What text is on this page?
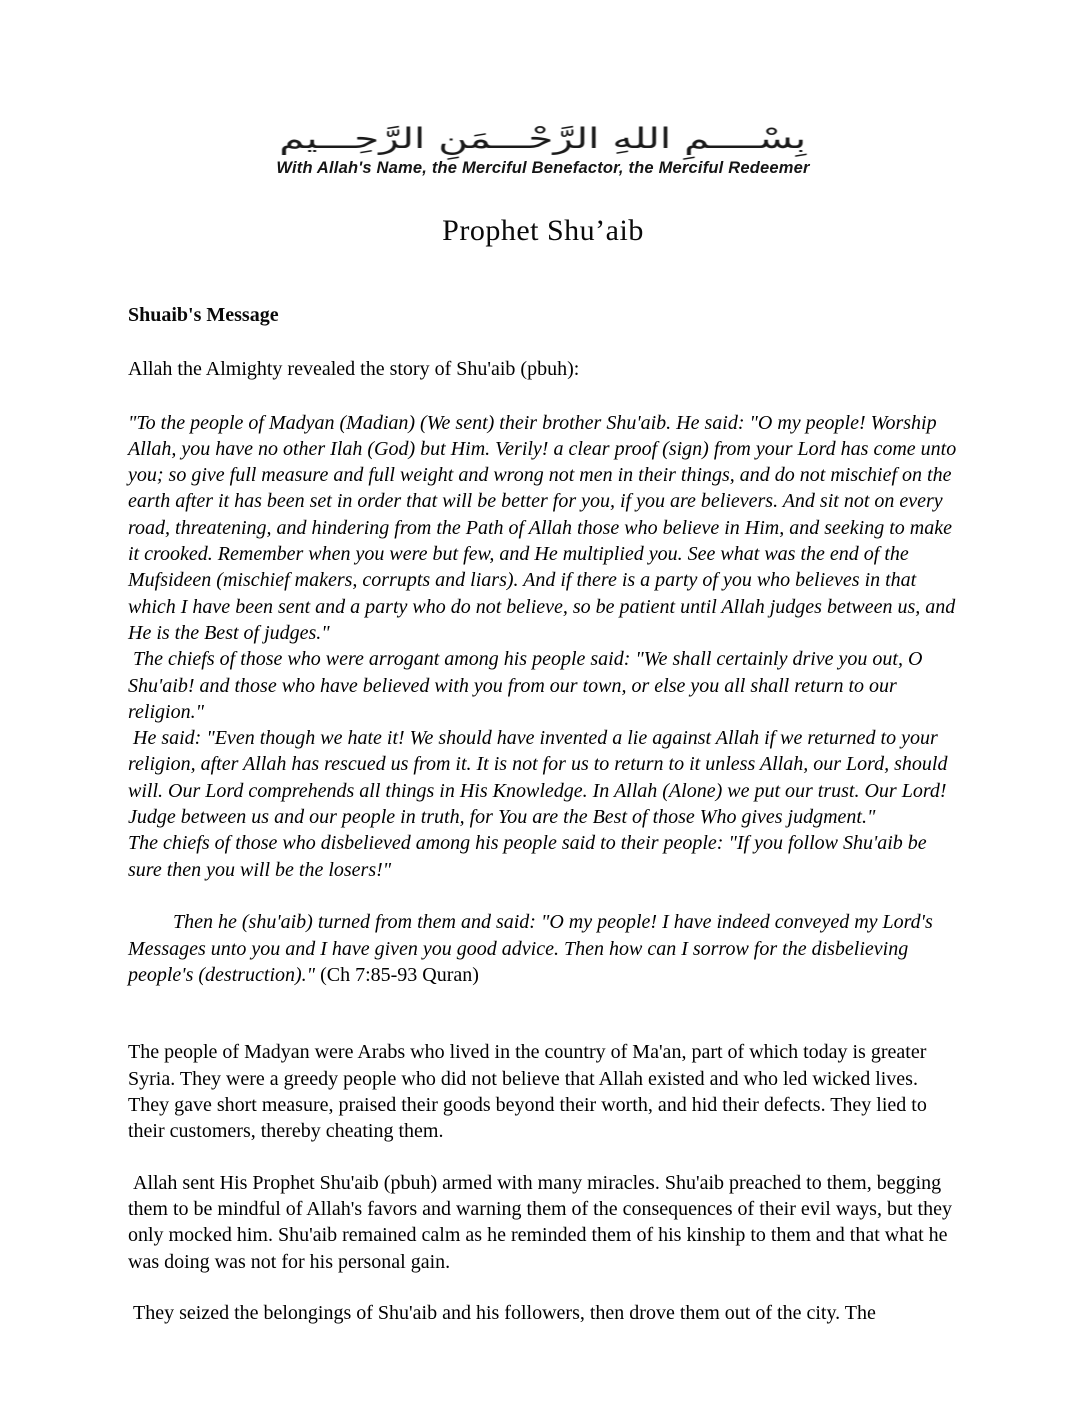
بِسْــــمِ اللهِ الرَّحْـــمَنِ الرَّحِـــيم
With Allah's Name, the Merciful Benefactor, the Merciful Redeemer
Prophet Shu’aib
Shuaib's Message

Allah the Almighty revealed the story of Shu'aib (pbuh):

"To the people of Madyan (Madian) (We sent) their brother Shu'aib. He said: "O my people! Worship Allah, you have no other Ilah (God) but Him. Verily! a clear proof (sign) from your Lord has come unto you; so give full measure and full weight and wrong not men in their things, and do not mischief on the earth after it has been set in order that will be better for you, if you are believers. And sit not on every road, threatening, and hindering from the Path of Allah those who believe in Him, and seeking to make it crooked. Remember when you were but few, and He multiplied you. See what was the end of the Mufsideen (mischief makers, corrupts and liars). And if there is a party of you who believes in that which I have been sent and a party who do not believe, so be patient until Allah judges between us, and He is the Best of judges."
The chiefs of those who were arrogant among his people said: "We shall certainly drive you out, O Shu'aib! and those who have believed with you from our town, or else you all shall return to our religion."
He said: "Even though we hate it! We should have invented a lie against Allah if we returned to your religion, after Allah has rescued us from it. It is not for us to return to it unless Allah, our Lord, should will. Our Lord comprehends all things in His Knowledge. In Allah (Alone) we put our trust. Our Lord! Judge between us and our people in truth, for You are the Best of those Who gives judgment."
The chiefs of those who disbelieved among his people said to their people: "If you follow Shu'aib be sure then you will be the losers!"

Then he (shu'aib) turned from them and said: "O my people! I have indeed conveyed my Lord's Messages unto you and I have given you good advice. Then how can I sorrow for the disbelieving people's (destruction)." (Ch 7:85-93 Quran)

The people of Madyan were Arabs who lived in the country of Ma'an, part of which today is greater Syria. They were a greedy people who did not believe that Allah existed and who led wicked lives. They gave short measure, praised their goods beyond their worth, and hid their defects. They lied to their customers, thereby cheating them.

Allah sent His Prophet Shu'aib (pbuh) armed with many miracles. Shu'aib preached to them, begging them to be mindful of Allah's favors and warning them of the consequences of their evil ways, but they only mocked him. Shu'aib remained calm as he reminded them of his kinship to them and that what he was doing was not for his personal gain.

They seized the belongings of Shu'aib and his followers, then drove them out of the city. The
